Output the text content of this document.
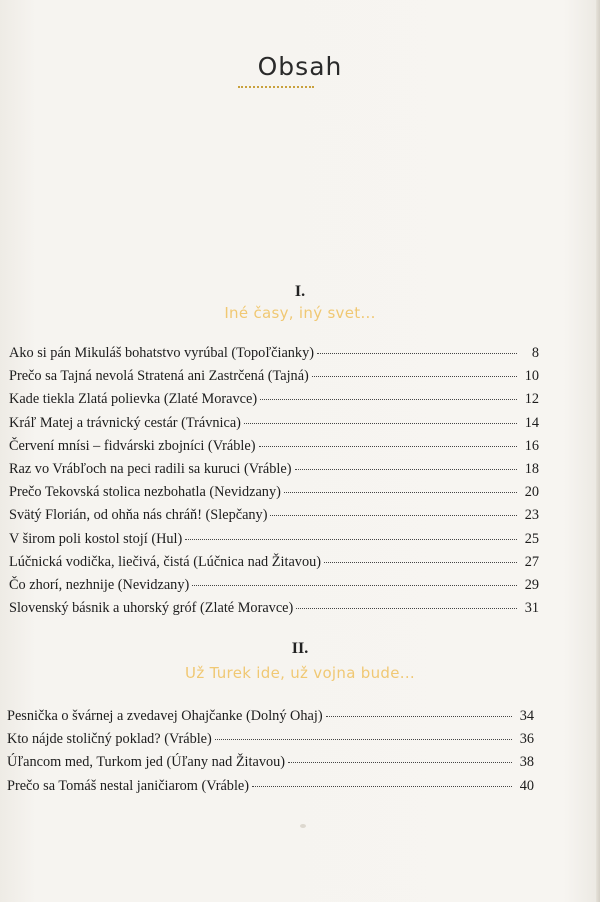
Obsah
I.
Iné časy, iný svet...
Ako si pán Mikuláš bohatstvo vyrúbal (Topoľčianky)	8
Prečo sa Tajná nevolá Stratená ani Zastrčená (Tajná)	10
Kade tiekla Zlatá polievka (Zlaté Moravce)	12
Kráľ Matej a trávnický cestár (Trávnica)	14
Červení mnísi – fidvárski zbojníci (Vráble)	16
Raz vo Vrábľoch na peci radili sa kuruci (Vráble)	18
Prečo Tekovská stolica nezbohatla (Nevidzany)	20
Svätý Florián, od ohňa nás chráň! (Slepčany)	23
V širom poli kostol stojí (Hul)	25
Lúčnická vodička, liečivá, čistá (Lúčnica nad Žitavou)	27
Čo zhorí, nezhnije (Nevidzany)	29
Slovenský básnik a uhorský gróf (Zlaté Moravce)	31
II.
Už Turek ide, už vojna bude...
Pesnička o švárnej a zvedavej Ohajčanke (Dolný Ohaj)	34
Kto nájde stoličný poklad? (Vráble)	36
Úľancom med, Turkom jed (Úľany nad Žitavou)	38
Prečo sa Tomáš nestal janičiarom (Vráble)	40
